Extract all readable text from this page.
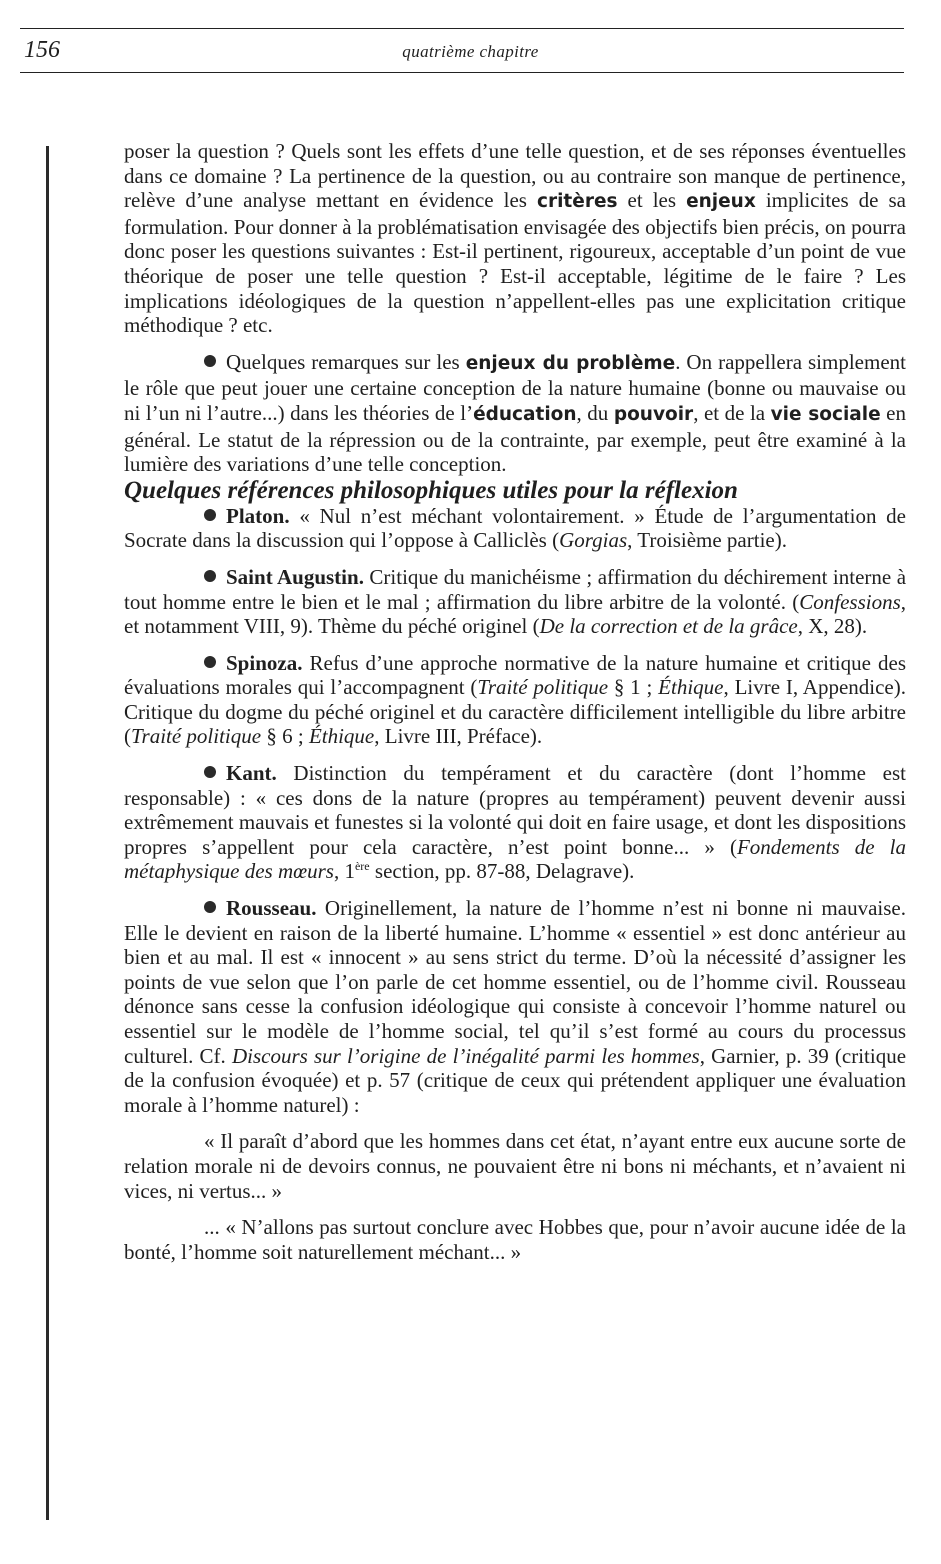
156	quatrième chapitre

poser la question ? Quels sont les effets d’une telle question, et de ses réponses éventuelles dans ce domaine ? La pertinence de la question, ou au contraire son manque de pertinence, relève d’une analyse mettant en évidence les critères et les enjeux implicites de sa formulation. Pour donner à la problématisation envisagée des objectifs bien précis, on pourra donc poser les questions suivantes : Est-il pertinent, rigoureux, acceptable d’un point de vue théorique de poser une telle question ? Est-il acceptable, légitime de le faire ? Les implications idéologiques de la question n’appellent-elles pas une explicitation critique méthodique ? etc.

Quelques remarques sur les enjeux du problème. On rappellera simplement le rôle que peut jouer une certaine conception de la nature humaine (bonne ou mauvaise ou ni l’un ni l’autre...) dans les théories de l’éducation, du pouvoir, et de la vie sociale en général. Le statut de la répression ou de la contrainte, par exemple, peut être examiné à la lumière des variations d’une telle conception.

Quelques références philosophiques utiles pour la réflexion

Platon. « Nul n’est méchant volontairement. » Étude de l’argumentation de Socrate dans la discussion qui l’oppose à Calliclès (Gorgias, Troisième partie).

Saint Augustin. Critique du manichéisme ; affirmation du déchirement interne à tout homme entre le bien et le mal ; affirmation du libre arbitre de la volonté. (Confessions, et notamment VIII, 9). Thème du péché originel (De la correction et de la grâce, X, 28).

Spinoza. Refus d’une approche normative de la nature humaine et critique des évaluations morales qui l’accompagnent (Traité politique § 1 ; Éthique, Livre I, Appendice). Critique du dogme du péché originel et du caractère difficilement intelligible du libre arbitre (Traité politique § 6 ; Éthique, Livre III, Préface).

Kant. Distinction du tempérament et du caractère (dont l’homme est responsable) : « ces dons de la nature (propres au tempérament) peuvent devenir aussi extrêmement mauvais et funestes si la volonté qui doit en faire usage, et dont les dispositions propres s’appellent pour cela caractère, n’est point bonne... » (Fondements de la métaphysique des mœurs, 1ère section, pp. 87-88, Delagrave).

Rousseau. Originellement, la nature de l’homme n’est ni bonne ni mauvaise. Elle le devient en raison de la liberté humaine. L’homme « essentiel » est donc antérieur au bien et au mal. Il est « innocent » au sens strict du terme. D’où la nécessité d’assigner les points de vue selon que l’on parle de cet homme essentiel, ou de l’homme civil. Rousseau dénonce sans cesse la confusion idéologique qui consiste à concevoir l’homme naturel ou essentiel sur le modèle de l’homme social, tel qu’il s’est formé au cours du processus culturel. Cf. Discours sur l’origine de l’inégalité parmi les hommes, Garnier, p. 39 (critique de la confusion évoquée) et p. 57 (critique de ceux qui prétendent appliquer une évaluation morale à l’homme naturel) :

« Il paraît d’abord que les hommes dans cet état, n’ayant entre eux aucune sorte de relation morale ni de devoirs connus, ne pouvaient être ni bons ni méchants, et n’avaient ni vices, ni vertus... »

... « N’allons pas surtout conclure avec Hobbes que, pour n’avoir aucune idée de la bonté, l’homme soit naturellement méchant... »
